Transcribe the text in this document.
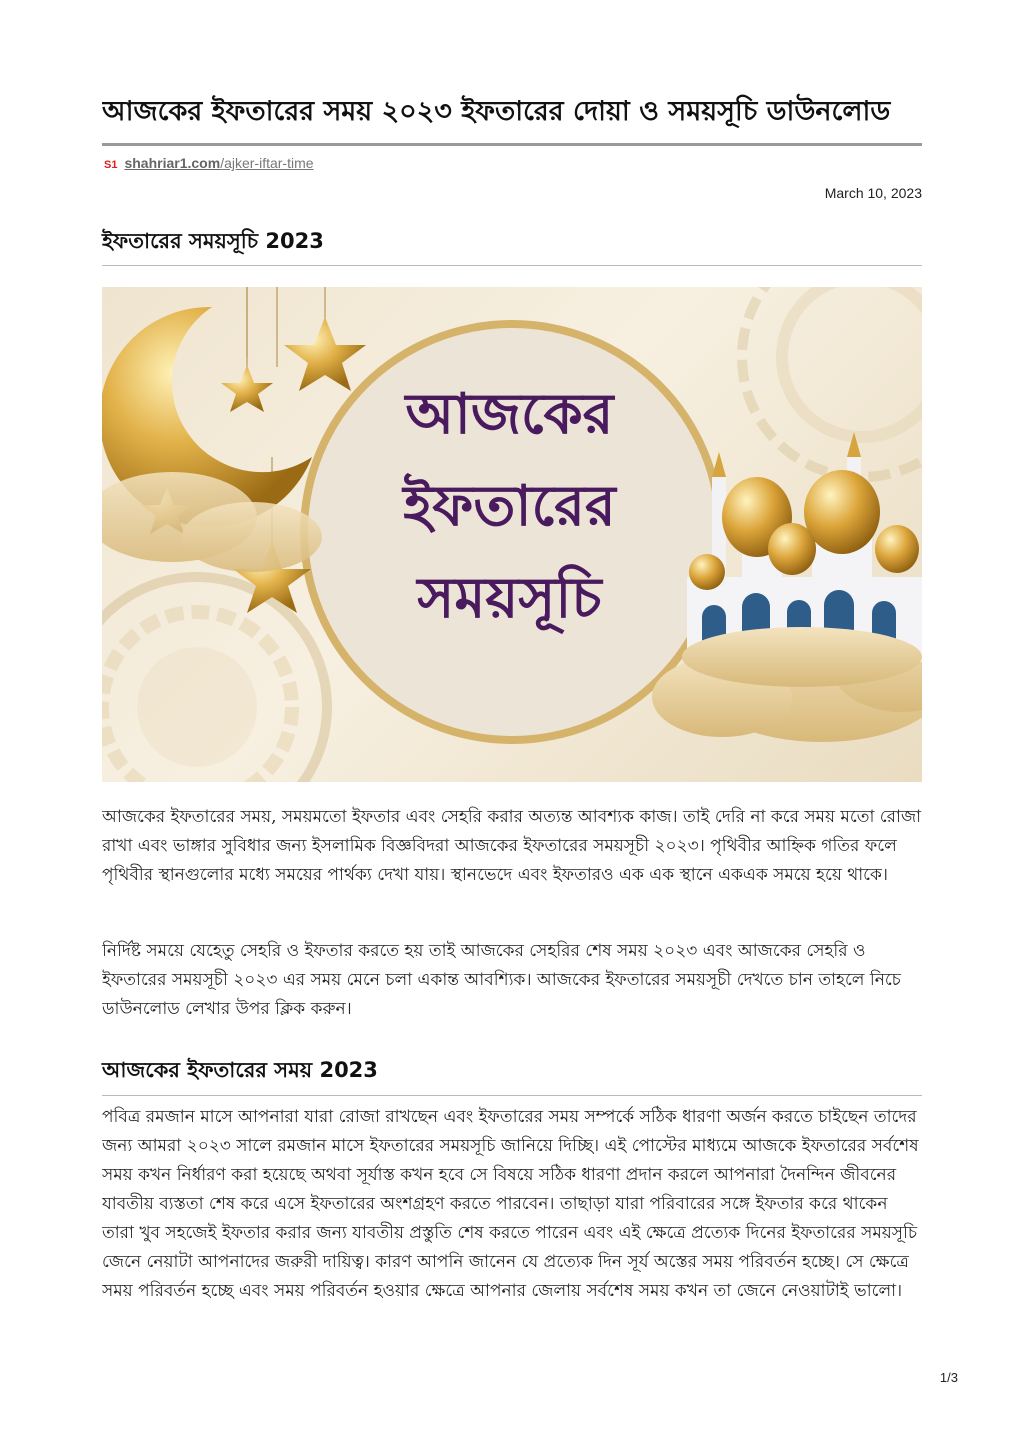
আজকের ইফতারের সময় ২০২৩ ইফতারের দোয়া ও সময়সূচি ডাউনলোড
S1 shahriar1.com/ajker-iftar-time
March 10, 2023
ইফতারের সময়সূচি 2023
আজকের
ইফতারের
সময়সূচি
আজকের ইফতারের সময়, সময়মতো ইফতার এবং সেহরি করার অত্যন্ত আবশ্যক কাজ। তাই দেরি না করে সময় মতো রোজা রাখা এবং ভাঙ্গার সুবিধার জন্য ইসলামিক বিজ্ঞবিদরা আজকের ইফতারের সময়সূচী ২০২৩। পৃথিবীর আহ্নিক গতির ফলে পৃথিবীর স্থানগুলোর মধ্যে সময়ের পার্থক্য দেখা যায়। স্থানভেদে এবং ইফতারও এক এক স্থানে একএক সময়ে হয়ে থাকে।
নির্দিষ্ট সময়ে যেহেতু সেহরি ও ইফতার করতে হয় তাই আজকের সেহরির শেষ সময় ২০২৩ এবং আজকের সেহরি ও ইফতারের সময়সূচী ২০২৩ এর সময় মেনে চলা একান্ত আবশ্যিক। আজকের ইফতারের সময়সূচী দেখতে চান তাহলে নিচে ডাউনলোড লেখার উপর ক্লিক করুন।
আজকের ইফতারের সময় 2023
পবিত্র রমজান মাসে আপনারা যারা রোজা রাখছেন এবং ইফতারের সময় সম্পর্কে সঠিক ধারণা অর্জন করতে চাইছেন তাদের জন্য আমরা ২০২৩ সালে রমজান মাসে ইফতারের সময়সূচি জানিয়ে দিচ্ছি। এই পোস্টের মাধ্যমে আজকে ইফতারের সর্বশেষ সময় কখন নির্ধারণ করা হয়েছে অথবা সূর্যাস্ত কখন হবে সে বিষয়ে সঠিক ধারণা প্রদান করলে আপনারা দৈনন্দিন জীবনের যাবতীয় ব্যস্ততা শেষ করে এসে ইফতারের অংশগ্রহণ করতে পারবেন। তাছাড়া যারা পরিবারের সঙ্গে ইফতার করে থাকেন তারা খুব সহজেই ইফতার করার জন্য যাবতীয় প্রস্তুতি শেষ করতে পারেন এবং এই ক্ষেত্রে প্রত্যেক দিনের ইফতারের সময়সূচি জেনে নেয়াটা আপনাদের জরুরী দায়িত্ব। কারণ আপনি জানেন যে প্রত্যেক দিন সূর্য অস্তের সময় পরিবর্তন হচ্ছে। সে ক্ষেত্রে সময় পরিবর্তন হচ্ছে এবং সময় পরিবর্তন হওয়ার ক্ষেত্রে আপনার জেলায় সর্বশেষ সময় কখন তা জেনে নেওয়াটাই ভালো।
1/3
